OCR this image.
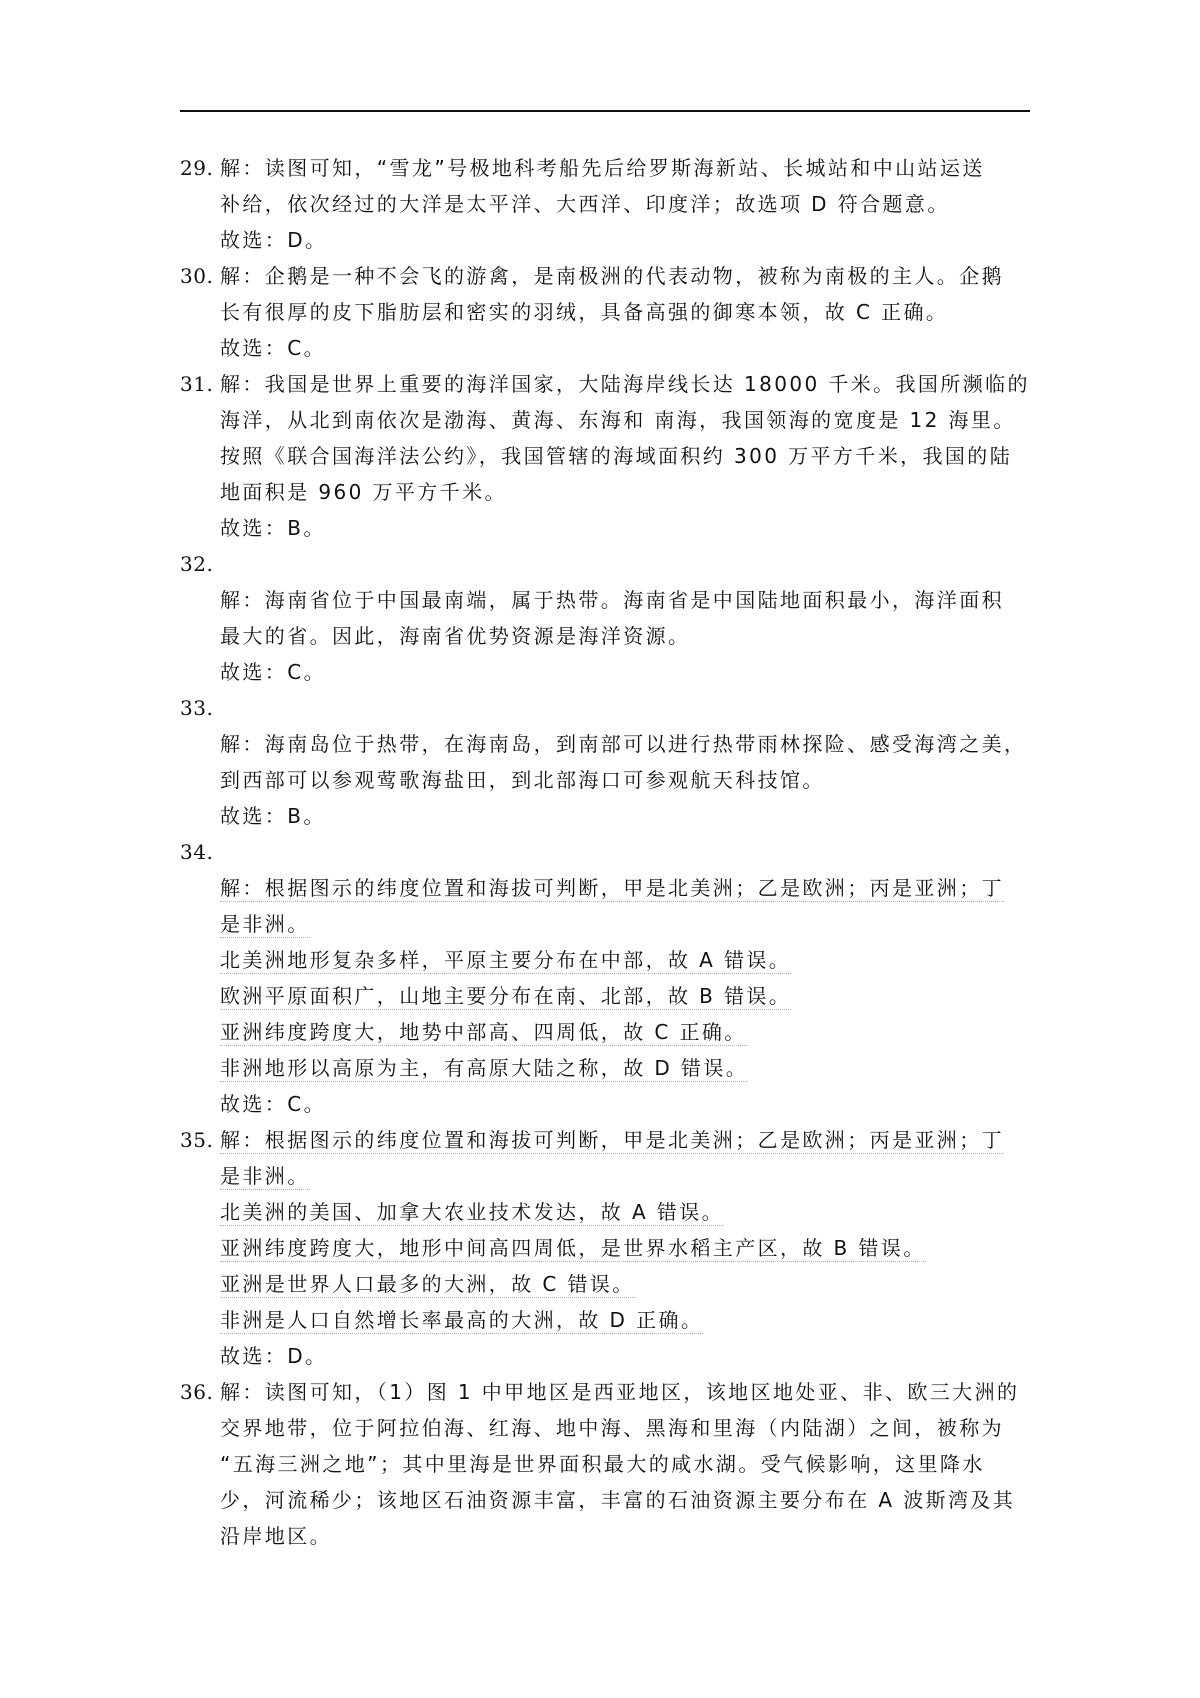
29. 解：读图可知，“雪龙”号极地科考船先后给罗斯海新站、长城站和中山站运送
补给，依次经过的大洋是太平洋、大西洋、印度洋；故选项 D 符合题意。
故选：D。
30. 解：企鹅是一种不会飞的游禽，是南极洲的代表动物，被称为南极的主人。企鹅
长有很厚的皮下脂肪层和密实的羽绒，具备高强的御寒本领，故 C 正确。
故选：C。
31. 解：我国是世界上重要的海洋国家，大陆海岸线长达 18000 千米。我国所濒临的
海洋，从北到南依次是渤海、黄海、东海和 南海，我国领海的宽度是 12 海里。
按照《联合国海洋法公约》，我国管辖的海域面积约 300 万平方千米，我国的陆
地面积是 960 万平方千米。
故选：B。
32.
解：海南省位于中国最南端，属于热带。海南省是中国陆地面积最小，海洋面积
最大的省。因此，海南省优势资源是海洋资源。
故选：C。
33.
解：海南岛位于热带，在海南岛，到南部可以进行热带雨林探险、感受海湾之美，
到西部可以参观莺歌海盐田，到北部海口可参观航天科技馆。
故选：B。
34.
解：根据图示的纬度位置和海拔可判断，甲是北美洲；乙是欧洲；丙是亚洲；丁
是非洲。
北美洲地形复杂多样，平原主要分布在中部，故 A 错误。
欧洲平原面积广，山地主要分布在南、北部，故 B 错误。
亚洲纬度跨度大，地势中部高、四周低，故 C 正确。
非洲地形以高原为主，有高原大陆之称，故 D 错误。
故选：C。
35. 解：根据图示的纬度位置和海拔可判断，甲是北美洲；乙是欧洲；丙是亚洲；丁
是非洲。
北美洲的美国、加拿大农业技术发达，故 A 错误。
亚洲纬度跨度大，地形中间高四周低，是世界水稻主产区，故 B 错误。
亚洲是世界人口最多的大洲，故 C 错误。
非洲是人口自然增长率最高的大洲，故 D 正确。
故选：D。
36. 解：读图可知，（1）图 1 中甲地区是西亚地区，该地区地处亚、非、欧三大洲的
交界地带，位于阿拉伯海、红海、地中海、黑海和里海（内陆湖）之间，被称为
“五海三洲之地”；其中里海是世界面积最大的咸水湖。受气候影响，这里降水
少，河流稀少；该地区石油资源丰富，丰富的石油资源主要分布在 A 波斯湾及其
沿岸地区。
